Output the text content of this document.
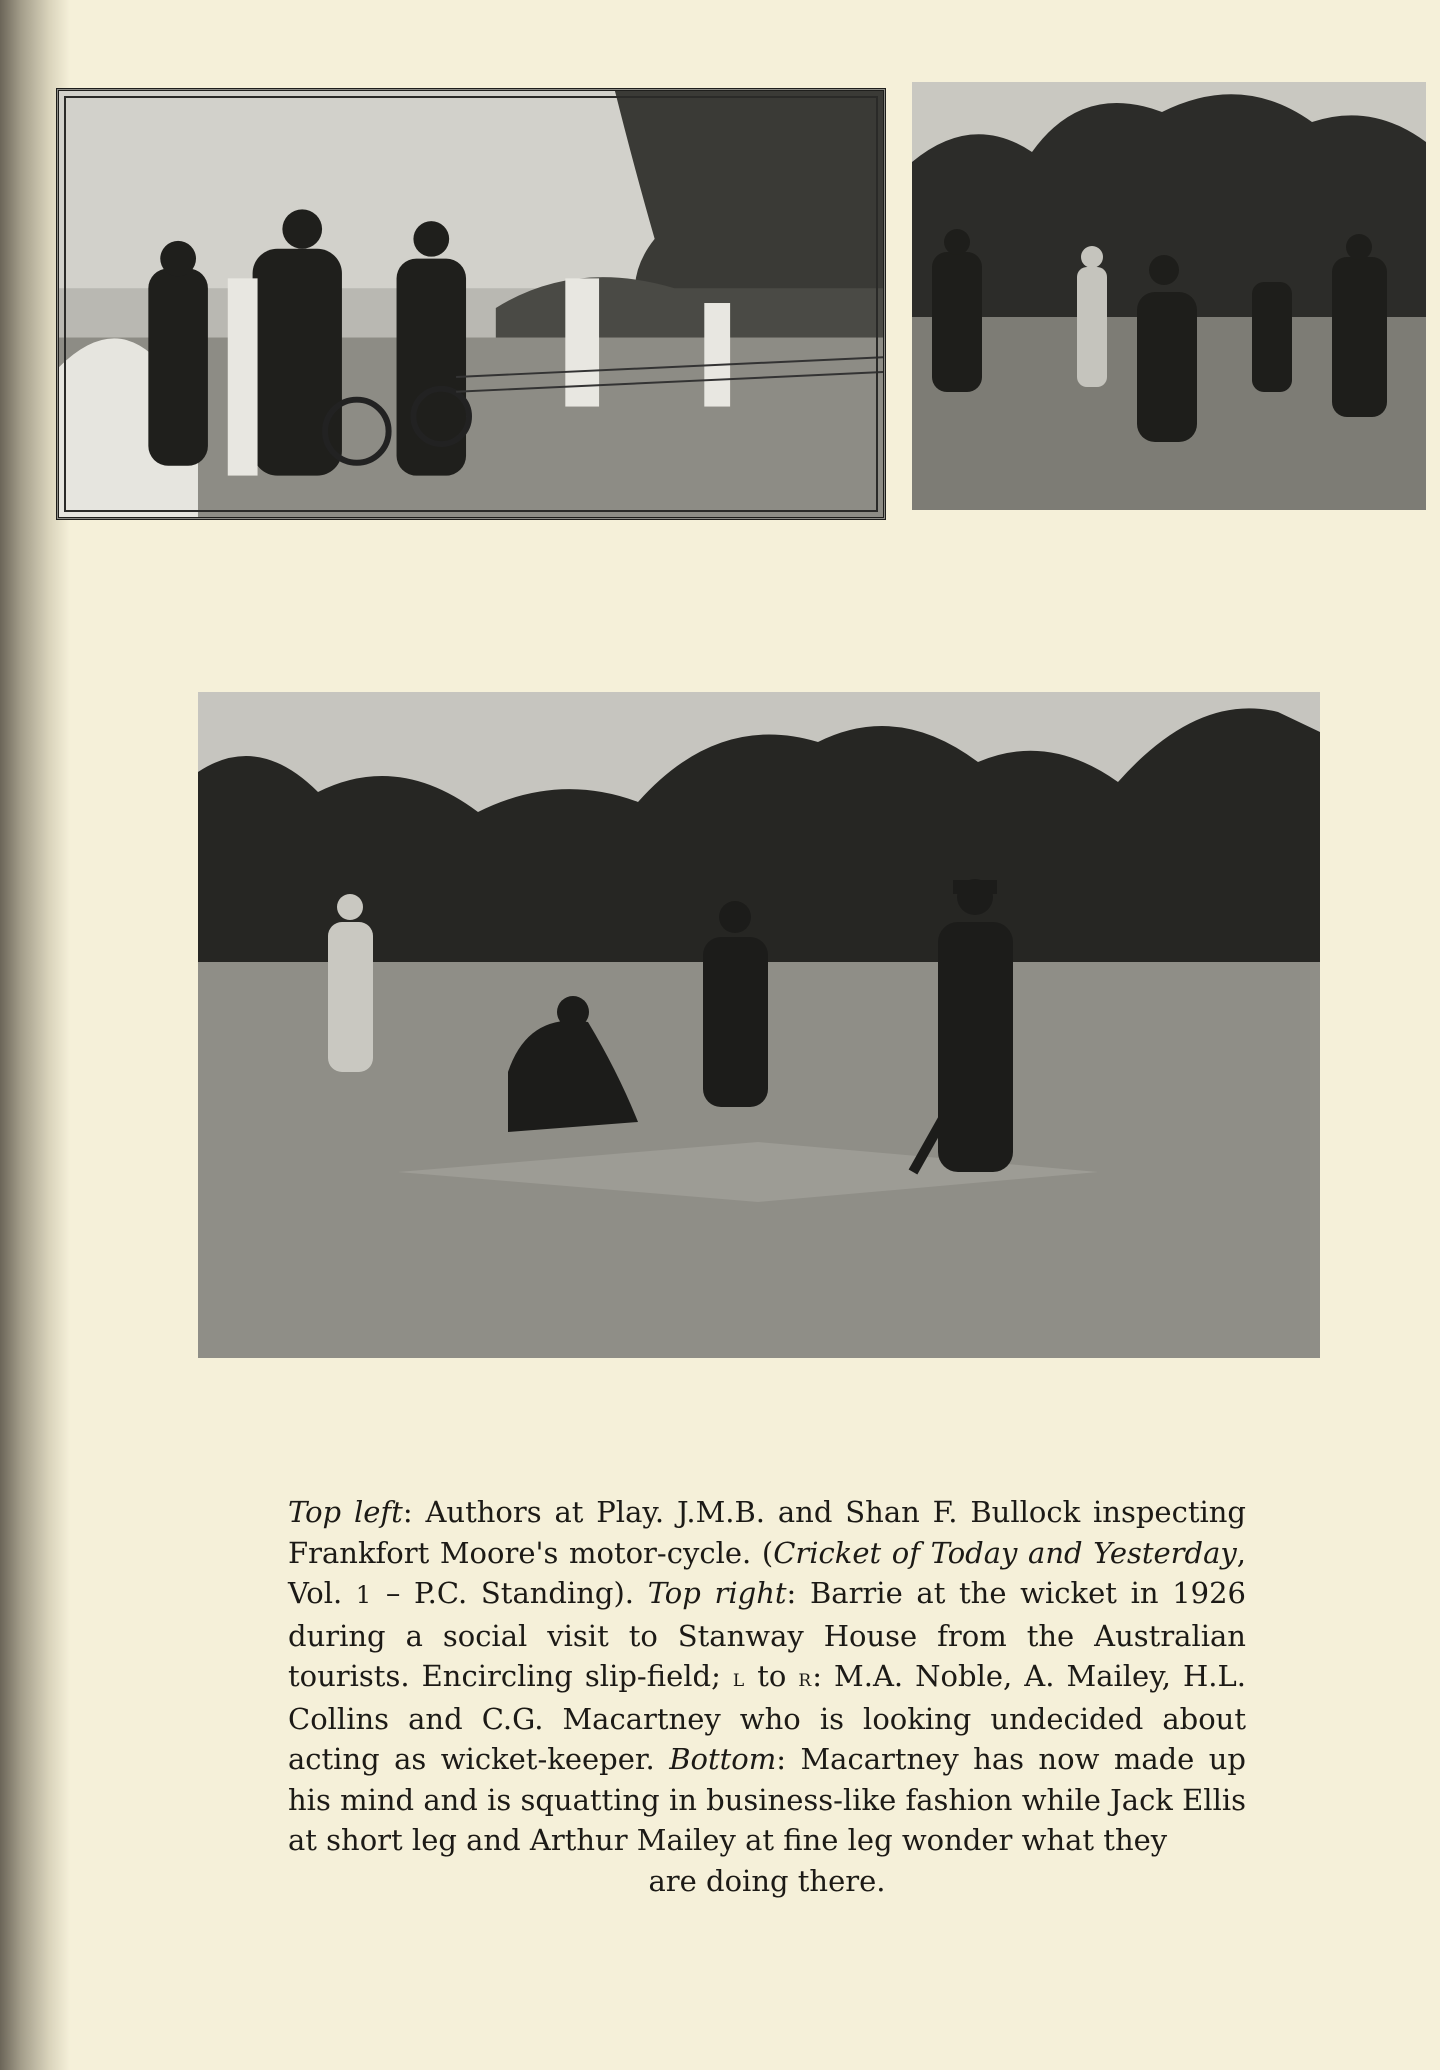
Top left: Authors at Play. J.M.B. and Shan F. Bullock inspecting Frankfort Moore's motor-cycle. (Cricket of Today and Yesterday, Vol. 1 – P.C. Standing). Top right: Barrie at the wicket in 1926 during a social visit to Stanway House from the Australian tourists. Encircling slip-field; l to r: M.A. Noble, A. Mailey, H.L. Collins and C.G. Macartney who is looking undecided about acting as wicket-keeper. Bottom: Macartney has now made up his mind and is squatting in business-like fashion while Jack Ellis at short leg and Arthur Mailey at fine leg wonder what they
are doing there.
